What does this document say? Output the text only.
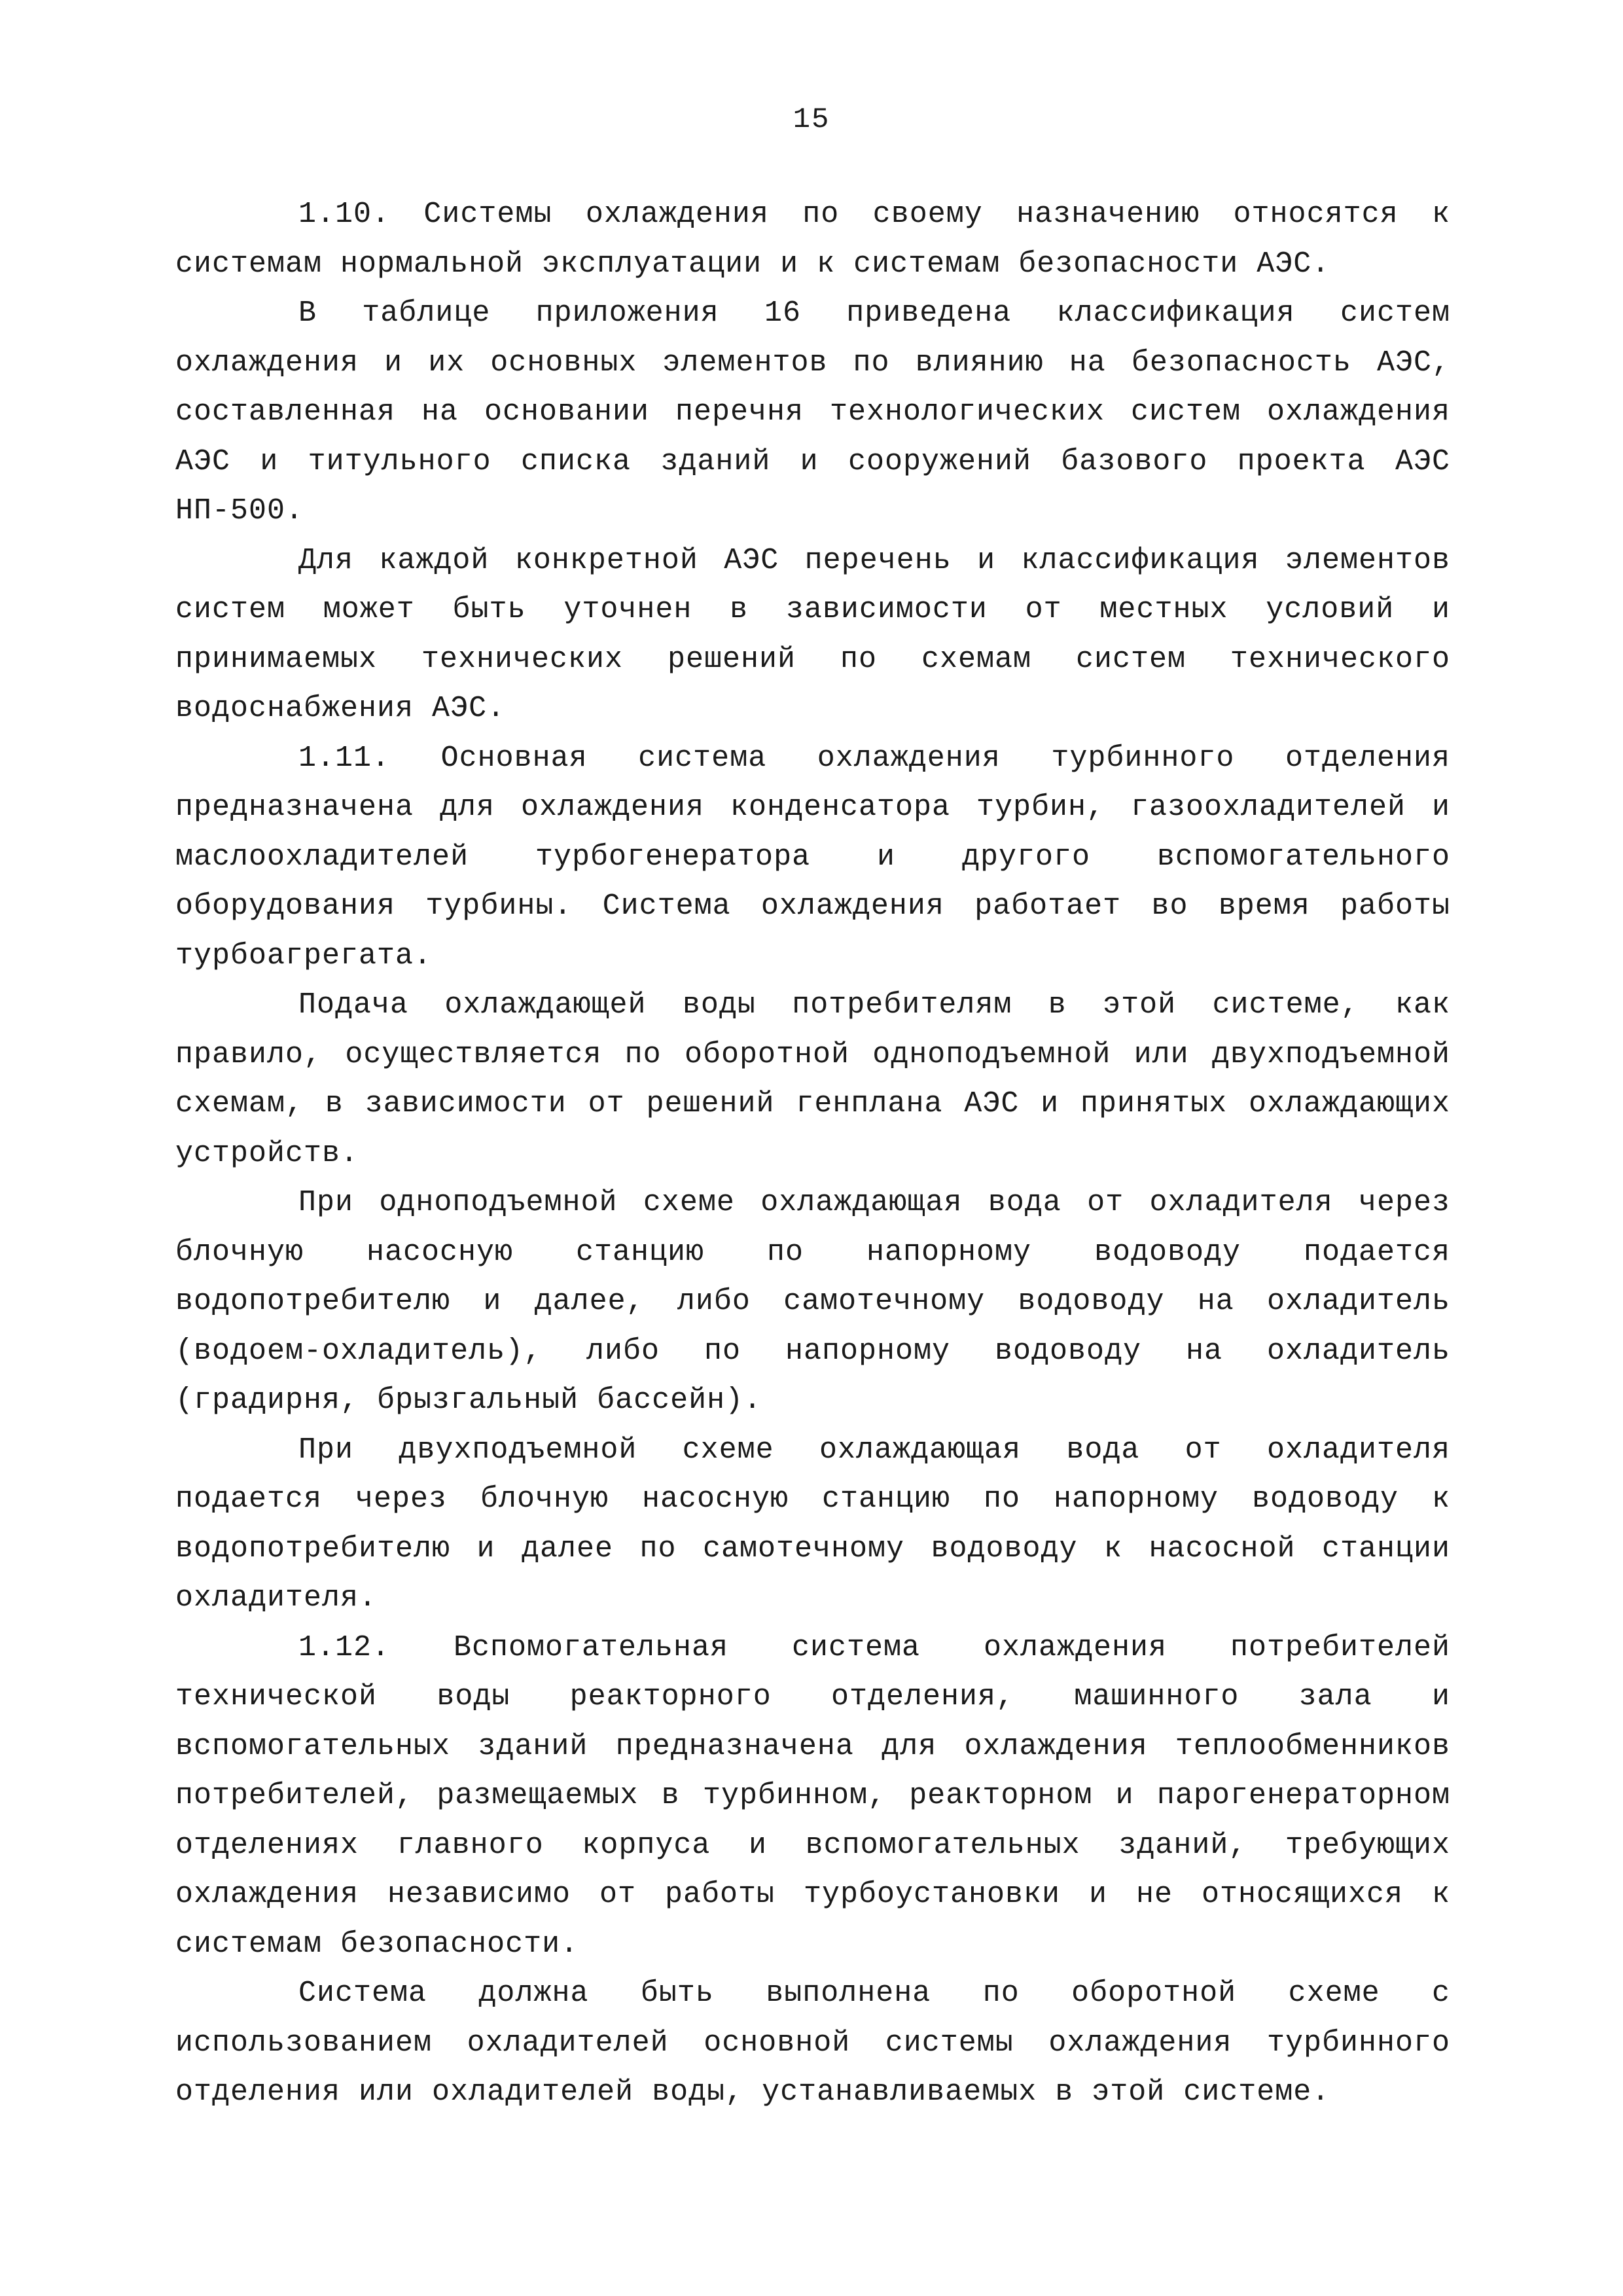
15

1.10. Системы охлаждения по своему назначению относятся к системам нормальной эксплуатации и к системам безопасности АЭС.

В таблице приложения 16 приведена классификация систем охлаждения и их основных элементов по влиянию на безопасность АЭС, составленная на основании перечня технологических систем охлаждения АЭС и титульного списка зданий и сооружений базового проекта АЭС НП-500.

Для каждой конкретной АЭС перечень и классификация элементов систем может быть уточнен в зависимости от местных условий и принимаемых технических решений по схемам систем технического водоснабжения АЭС.

1.11. Основная система охлаждения турбинного отделения предназначена для охлаждения конденсатора турбин, газоохладителей и маслоохладителей турбогенератора и другого вспомогательного оборудования турбины. Система охлаждения работает во время работы турбоагрегата.

Подача охлаждающей воды потребителям в этой системе, как правило, осуществляется по оборотной одноподъемной или двухподъемной схемам, в зависимости от решений генплана АЭС и принятых охлаждающих устройств.

При одноподъемной схеме охлаждающая вода от охладителя через блочную насосную станцию по напорному водоводу подается водопотребителю и далее, либо самотечному водоводу на охладитель (водоем-охладитель), либо по напорному водоводу на охладитель (градирня, брызгальный бассейн).

При двухподъемной схеме охлаждающая вода от охладителя подается через блочную насосную станцию по напорному водоводу к водопотребителю и далее по самотечному водоводу к насосной станции охладителя.

1.12. Вспомогательная система охлаждения потребителей технической воды реакторного отделения, машинного зала и вспомогательных зданий предназначена для охлаждения теплообменников потребителей, размещаемых в турбинном, реакторном и парогенераторном отделениях главного корпуса и вспомогательных зданий, требующих охлаждения независимо от работы турбоустановки и не относящихся к системам безопасности.

Система должна быть выполнена по оборотной схеме с использованием охладителей основной системы охлаждения турбинного отделения или охладителей воды, устанавливаемых в этой системе.
